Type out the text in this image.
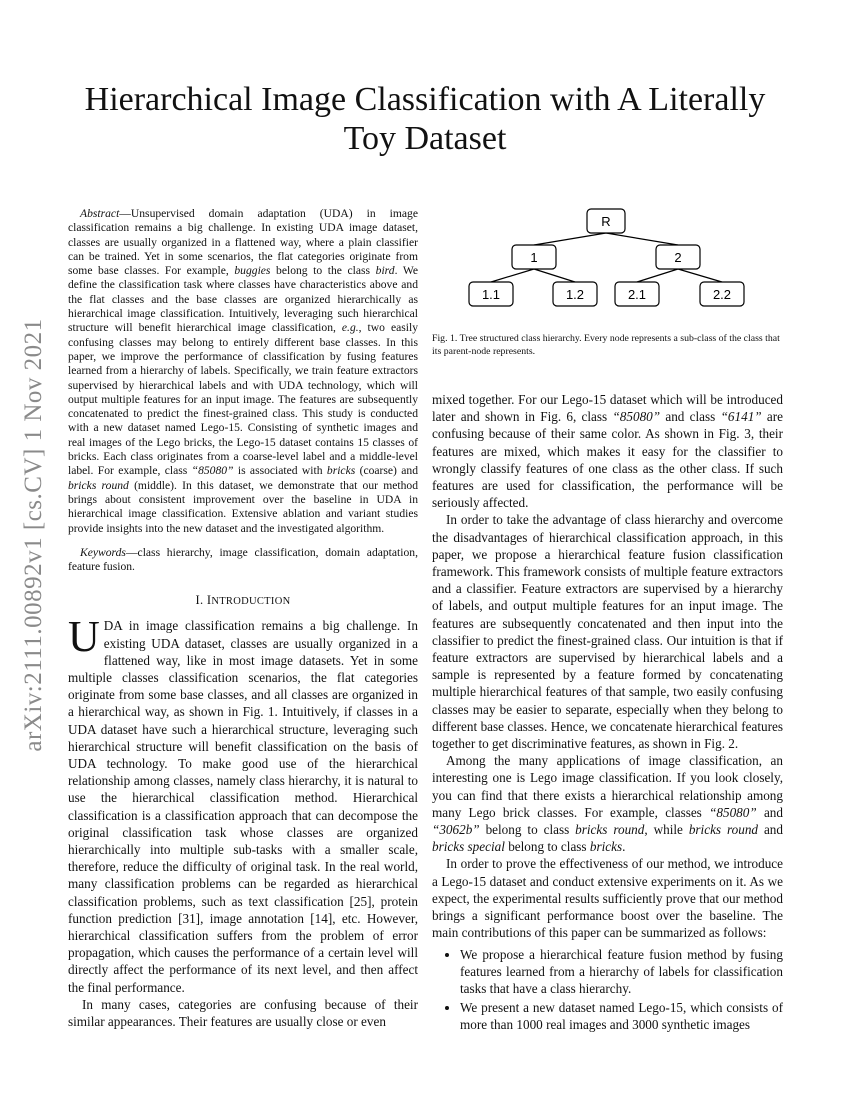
arXiv:2111.00892v1 [cs.CV] 1 Nov 2021
Hierarchical Image Classification with A Literally
Toy Dataset

Abstract—Unsupervised domain adaptation (UDA) in image classification remains a big challenge. In existing UDA image dataset, classes are usually organized in a flattened way, where a plain classifier can be trained. Yet in some scenarios, the flat categories originate from some base classes. For example, buggies belong to the class bird. We define the classification task where classes have characteristics above and the flat classes and the base classes are organized hierarchically as hierarchical image classification. Intuitively, leveraging such hierarchical structure will benefit hierarchical image classification, e.g., two easily confusing classes may belong to entirely different base classes. In this paper, we improve the performance of classification by fusing features learned from a hierarchy of labels. Specifically, we train feature extractors supervised by hierarchical labels and with UDA technology, which will output multiple features for an input image. The features are subsequently concatenated to predict the finest-grained class. This study is conducted with a new dataset named Lego-15. Consisting of synthetic images and real images of the Lego bricks, the Lego-15 dataset contains 15 classes of bricks. Each class originates from a coarse-level label and a middle-level label. For example, class “85080” is associated with bricks (coarse) and bricks round (middle). In this dataset, we demonstrate that our method brings about consistent improvement over the baseline in UDA in hierarchical image classification. Extensive ablation and variant studies provide insights into the new dataset and the investigated algorithm.

Keywords—class hierarchy, image classification, domain adaptation, feature fusion.

I. INTRODUCTION

UDA in image classification remains a big challenge. In existing UDA dataset, classes are usually organized in a flattened way, like in most image datasets. Yet in some multiple classes classification scenarios, the flat categories originate from some base classes, and all classes are organized in a hierarchical way, as shown in Fig. 1. Intuitively, if classes in a UDA dataset have such a hierarchical structure, leveraging such hierarchical structure will benefit classification on the basis of UDA technology. To make good use of the hierarchical relationship among classes, namely class hierarchy, it is natural to use the hierarchical classification method. Hierarchical classification is a classification approach that can decompose the original classification task whose classes are organized hierarchically into multiple sub-tasks with a smaller scale, therefore, reduce the difficulty of original task. In the real world, many classification problems can be regarded as hierarchical classification problems, such as text classification [25], protein function prediction [31], image annotation [14], etc. However, hierarchical classification suffers from the problem of error propagation, which causes the performance of a certain level will directly affect the performance of its next level, and then affect the final performance.

In many cases, categories are confusing because of their similar appearances. Their features are usually close or even

R
1	2
1.1	1.2	2.1	2.2
Fig. 1. Tree structured class hierarchy. Every node represents a sub-class of the class that its parent-node represents.

mixed together. For our Lego-15 dataset which will be introduced later and shown in Fig. 6, class “85080” and class “6141” are confusing because of their same color. As shown in Fig. 3, their features are mixed, which makes it easy for the classifier to wrongly classify features of one class as the other class. If such features are used for classification, the performance will be seriously affected.

In order to take the advantage of class hierarchy and overcome the disadvantages of hierarchical classification approach, in this paper, we propose a hierarchical feature fusion classification framework. This framework consists of multiple feature extractors and a classifier. Feature extractors are supervised by a hierarchy of labels, and output multiple features for an input image. The features are subsequently concatenated and then input into the classifier to predict the finest-grained class. Our intuition is that if feature extractors are supervised by hierarchical labels and a sample is represented by a feature formed by concatenating multiple hierarchical features of that sample, two easily confusing classes may be easier to separate, especially when they belong to different base classes. Hence, we concatenate hierarchical features together to get discriminative features, as shown in Fig. 2.

Among the many applications of image classification, an interesting one is Lego image classification. If you look closely, you can find that there exists a hierarchical relationship among many Lego brick classes. For example, classes “85080” and “3062b” belong to class bricks round, while bricks round and bricks special belong to class bricks.

In order to prove the effectiveness of our method, we introduce a Lego-15 dataset and conduct extensive experiments on it. As we expect, the experimental results sufficiently prove that our method brings a significant performance boost over the baseline. The main contributions of this paper can be summarized as follows:

• We propose a hierarchical feature fusion method by fusing features learned from a hierarchy of labels for classification tasks that have a class hierarchy.
• We present a new dataset named Lego-15, which consists of more than 1000 real images and 3000 synthetic images
